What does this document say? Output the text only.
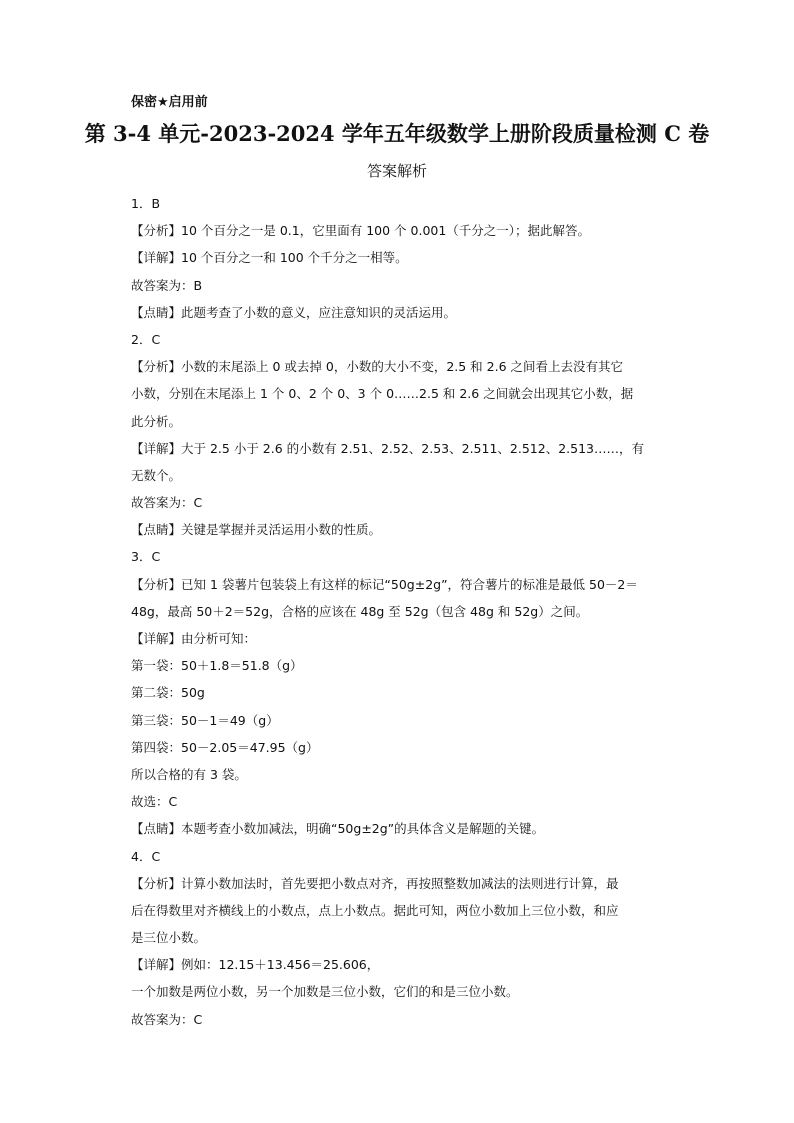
保密★启用前
第 3-4 单元-2023-2024 学年五年级数学上册阶段质量检测 C 卷
答案解析
1．B
【分析】10 个百分之一是 0.1，它里面有 100 个 0.001（千分之一）；据此解答。
【详解】10 个百分之一和 100 个千分之一相等。
故答案为：B
【点睛】此题考查了小数的意义，应注意知识的灵活运用。
2．C
【分析】小数的末尾添上 0 或去掉 0，小数的大小不变，2.5 和 2.6 之间看上去没有其它
小数，分别在末尾添上 1 个 0、2 个 0、3 个 0……2.5 和 2.6 之间就会出现其它小数，据
此分析。
【详解】大于 2.5 小于 2.6 的小数有 2.51、2.52、2.53、2.511、2.512、2.513……，有
无数个。
故答案为：C
【点睛】关键是掌握并灵活运用小数的性质。
3．C
【分析】已知 1 袋薯片包装袋上有这样的标记“50g±2g”，符合薯片的标准是最低 50－2＝
48g，最高 50＋2＝52g，合格的应该在 48g 至 52g（包含 48g 和 52g）之间。
【详解】由分析可知：
第一袋：50＋1.8＝51.8（g）
第二袋：50g
第三袋：50－1＝49（g）
第四袋：50－2.05＝47.95（g）
所以合格的有 3 袋。
故选：C
【点睛】本题考查小数加减法，明确“50g±2g”的具体含义是解题的关键。
4．C
【分析】计算小数加法时，首先要把小数点对齐，再按照整数加减法的法则进行计算，最
后在得数里对齐横线上的小数点，点上小数点。据此可知，两位小数加上三位小数，和应
是三位小数。
【详解】例如：12.15＋13.456＝25.606，
一个加数是两位小数，另一个加数是三位小数，它们的和是三位小数。
故答案为：C
